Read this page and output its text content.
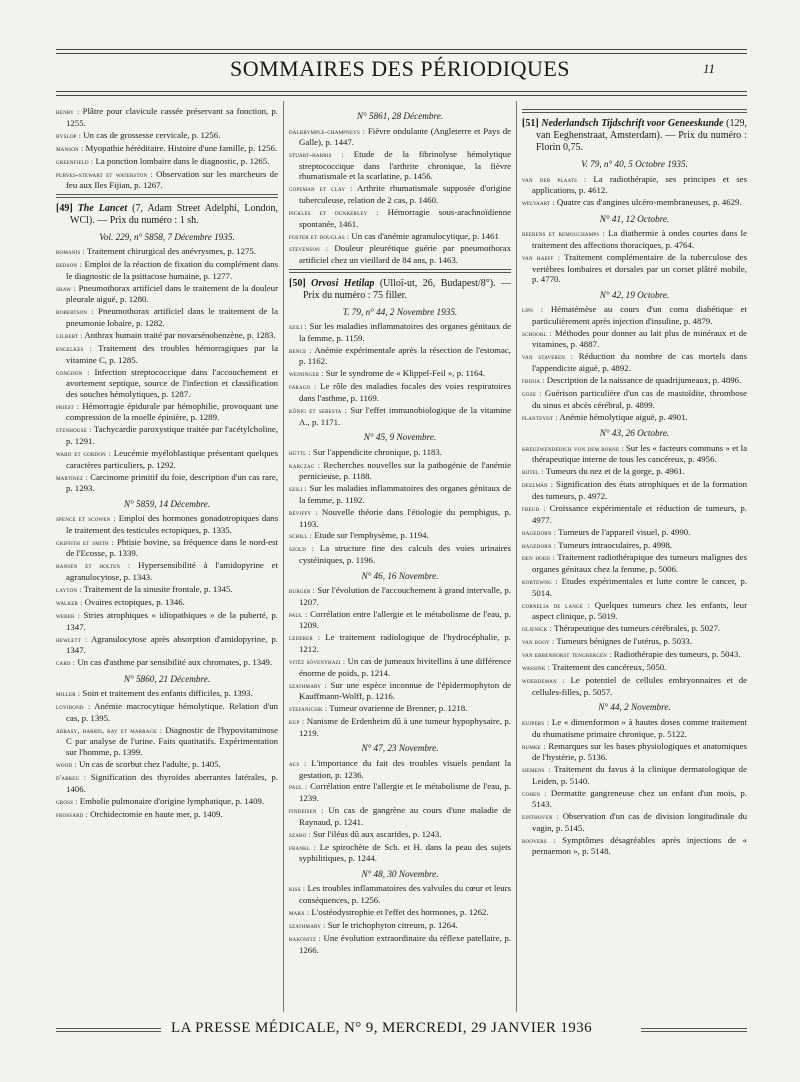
SOMMAIRES DES PÉRIODIQUES	11
henry : Plâtre pour clavicule cassée préservant sa fonction, p. 1255.
hyslop : Un cas de grossesse cervicale, p. 1256.
manson : Myopathie héréditaire. Histoire d'une famille, p. 1256.
greenfield : La ponction lombaire dans le diagnostic, p. 1265.
purves-stewart et waterston : Observation sur les marcheurs de feu aux Iles Fijian, p. 1267.
[49] The Lancet (7, Adam Street Adelphi, London, WCl). — Prix du numéro : 1 sh.
Vol. 229, n° 5858, 7 Décembre 1935.
romanis : Traitement chirurgical des anévrysmes, p. 1275.
bedson : Emploi de la réaction de fixation du complément dans le diagnostic de la psittacose humaine, p. 1277.
shaw : Pneumothorax artificiel dans le traitement de la douleur pleurale aiguë, p. 1280.
robertson : Pneumothorax artificiel dans le traitement de la pneumonie lobaire, p. 1282.
gilbert : Anthrax humain traité par novarsénobenzène, p. 1283.
engelkes : Traitement des troubles hémorragiques par la vitamine C, p. 1285.
congdon : Infection streptococcique dans l'accouchement et avortement septique, source de l'infection et classification des souches hémolytiques, p. 1287.
priest : Hémorragie épidurale par hémophilie, provoquant une compression de la moelle épinière, p. 1289.
stenhouse : Tachycardie paroxystique traitée par l'acétylcholine, p. 1291.
ward et gordon : Leucémie myéloblastique présentant quelques caractères particuliers, p. 1292.
martinez : Carcinome primitif du foie, description d'un cas rare, p. 1293.
N° 5859, 14 Décembre.
spence et scowen : Emploi des hormones gonadotropiques dans le traitement des testicules ectopiques, p. 1335.
griffith et smith : Phtisie bovine, sa fréquence dans le nord-est de l'Ecosse, p. 1339.
hansen et holten : Hypersensibilité à l'amidopyrine et agranulocytose, p. 1343.
layton : Traitement de la sinusite frontale, p. 1345.
walker : Ovaires ectopiques, p. 1346.
weber : Stries atrophiques « idiopathiques » de la puberté, p. 1347.
hewlett : Agranulocytose après absorption d'amidopyrine, p. 1347.
card : Un cas d'asthme par sensibilité aux chromates, p. 1349.
N° 5860, 21 Décembre.
miller : Soin et traitement des enfants difficiles, p. 1393.
lovibond : Anémie macrocytique hémolytique. Relation d'un cas, p. 1395.
abbasy, harris, ray et marrack : Diagnostic de l'hypovitaminose C par analyse de l'urine. Faits quatitatifs. Expérimentation sur l'homme, p. 1399.
wood : Un cas de scorbut chez l'adulte, p. 1405.
d'abreu : Signification des thyroïdes aberrantes latérales, p. 1406.
gross : Embolie pulmonaire d'origine lymphatique, p. 1409.
frossard : Orchidectomie en haute mer, p. 1409.
N° 5861, 28 Décembre.
dalbrymple-champneys : Fièvre ondulante (Angleterre et Pays de Galle), p. 1447.
stuart-harris : Etude de la fibrinolyse hémolytique streptococcique dans l'arthrite chronique, la fièvre rhumatismale et la scarlatine, p. 1456.
copeman et clay : Arthrite rhumatismale supposée d'origine tuberculeuse, relation de 2 cas, p. 1460.
pickles et dunkerley : Hémorragie sous-arachnoïdienne spontanée, 1461.
foster et douglas : Un cas d'anémie agranulocytique, p. 1461
stevenson : Douleur pleurétique guérie par pneumothorax artificiel chez un vieillard de 84 ans, p. 1463.
[50] Orvosi Hetilap (Ulloï-ut, 26, Budapest/8°). — Prix du numéro : 75 filler.
T. 79, n° 44, 2 Novembre 1935.
szili : Sur les maladies inflammatoires des organes génitaux de la femme, p. 1159.
bence : Anémie expérimentale après la résection de l'estomac, p. 1162.
weiningeb : Sur le syndrome de « Klippel-Feil », p. 1164.
farago : Le rôle des maladies focales des voies respiratoires dans l'asthme, p. 1169.
kōnig et sebesta : Sur l'effet immunobiologique de la vitamine A., p. 1171.
N° 45, 9 Novembre.
hüttl : Sur l'appendicite chronique, p. 1183.
karczag : Recherches nouvelles sur la pathogénie de l'anémie pernicieuse, p. 1188.
szili : Sur les maladies inflammatoires des organes génitaux de la femme, p. 1192.
réviffy : Nouvelle théorie dans l'étiologie du pemphigus, p. 1193.
schill : Etude sur l'emphysème, p. 1194.
szold : La structure fine des calculs des voies urinaires cystéiniques, p. 1196.
N° 46, 16 Novembre.
burger : Sur l'évolution de l'accouchement à grand intervalle, p. 1207.
paul : Corrélation entre l'allergie et le métabolisme de l'eau, p. 1209.
lederer : Le traitement radiologique de l'hydrocéphalie, p. 1212.
vitéz sövenyhazi : Un cas de jumeaux bivitellins à une différence énorme de poids, p. 1214.
szathmary : Sur une espèce inconnue de l'épidermophyton de Kauffmann-Wolff, p. 1216.
stefanicsik : Tumeur ovarienne de Brenner, p. 1218.
kup : Nanisme de Erdenheim dû à une tumeur hypophysaire, p. 1219.
N° 47, 23 Novembre.
acs : L'importance du fait des troubles visuels pendant la gestation, p. 1236.
paul : Corrélation entre l'allergie et le métabolisme de l'eau, p. 1239.
findeisen : Un cas de gangrène au cours d'une maladie de Raynaud, p. 1241.
szabo : Sur l'iléus dû aux ascarides, p. 1243.
frankl : Le spirochète de Sch. et H. dans la peau des sujets syphilitiques, p. 1244.
N° 48, 30 Novembre.
kiss : Les troubles inflammatoires des valvules du cœur et leurs conséquences, p. 1256.
marx : L'ostéodystrophie et l'effet des hormones, p. 1262.
szathmary : Sur le trichophyton citreum, p. 1264.
rakonitz : Une évolution extraordinaire du réflexe patellaire, p. 1266.
[51] Nederlandsch Tijdschrift voor Geneeskunde (129, van Eeghenstraat, Amsterdam). — Prix du numéro : Florin 0,75.
V. 79, n° 40, 5 Octobre 1935.
van der plaats : La radiothérapie, ses principes et ses applications, p. 4612.
welvaart : Quatre cas d'angines ulcéro-membraneuses, p. 4629.
N° 41, 12 Octobre.
beerens et remouchamps : La diathermie à ondes courtes dans le traitement des affections thoraciques, p. 4764.
van haeff : Traitement complémentaire de la tuberculose des vertèbres lombaires et dorsales par un corset plâtré mobile, p. 4770.
N° 42, 19 Octobre.
lips : Hématémèse au cours d'un coma diabétique et particulièrement après injection d'insuline, p. 4879.
schoorl : Méthodes pour donner au lait plus de minéraux et de vitamines, p. 4887.
van staveren : Réduction du nombre de cas mortels dans l'appendicite aiguë, p. 4892.
fridja : Description de la naissance de quadrijumeaux, p. 4896.
goze : Guérison particulière d'un cas de mastoïdite, thrombose du sinus et abcès cérébral, p. 4899.
planteydt : Anémie hémolytique aiguë, p. 4901.
N° 43, 26 Octobre.
kreuzwendedich von dem borne : Sur les « facteurs communs » et la thérapeutique interne de tous les cancéreux, p. 4956.
bijtel : Tumeurs du nez et de la gorge, p. 4961.
deelman : Signification des états atrophiques et de la formation des tumeurs, p. 4972.
freud : Croissance expérimentale et réduction de tumeurs, p. 4977.
hagedorn : Tumeurs de l'appareil visuel, p. 4990.
hagedorn : Tumeurs intraoculaires, p. 4998.
den hoed : Traitement radiothérapique des tumeurs malignes des organes génitaux chez la femme, p. 5006.
kortewng : Etudes expérimentales et lutte contre le cancer, p. 5014.
cornelia de lange : Quelques tumeurs chez les enfants, leur aspect clinique, p. 5019.
oljenick : Thérapeutique des tumeurs cérébrales, p. 5027.
van rooy : Tumeurs bénignes de l'utérus, p. 5033.
van ebbenhorst tengbergen : Radiothérapie des tumeurs, p. 5043.
wassink : Traitement des cancéreux, 5050.
woerdeman : Le potentiel de cellules embryonnaires et de cellules-filles, p. 5057.
N° 44, 2 Novembre.
kuipers : Le « dimenformon » à hautes doses comme traitement du rhumatisme primaire chronique, p. 5122.
rumke : Remarques sur les bases physiologiques et anatomiques de l'hystérie, p. 5136.
siemens : Traitement du favus à la clinique dermatologique de Leiden, p. 5140.
cohen : Dermatite gangreneuse chez un enfant d'un mois, p. 5143.
einthoven : Observation d'un cas de division longitudinale du vagin, p. 5145.
roovers : Symptômes désagréables après injections de « pernaemon », p. 5148.
LA PRESSE MÉDICALE, N° 9, MERCREDI, 29 JANVIER 1936
